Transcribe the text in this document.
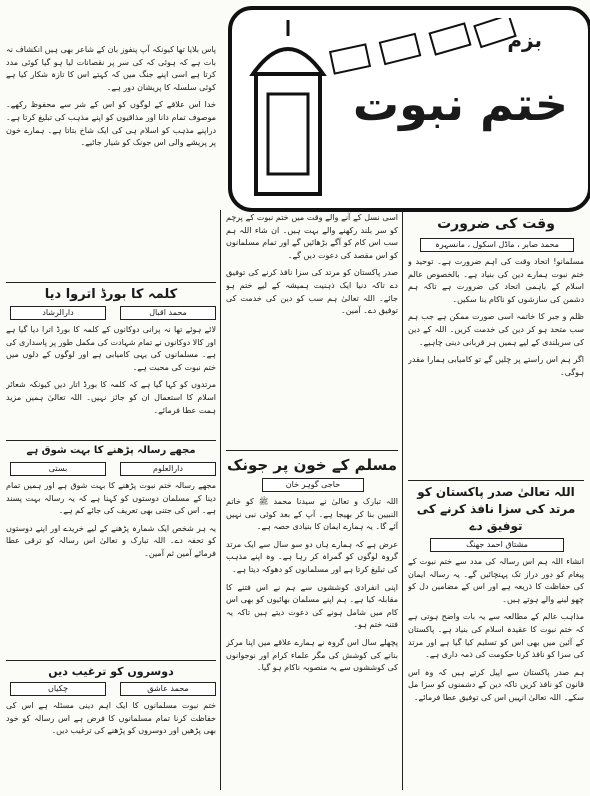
بزم
ختم نبوت

پاس بلایا تھا کیونکہ آپ پنفوز بان کے شاعر بھی ہیں انکشاف نہ بات ہے کہ ہوئی کہ کی سر پر نقصانات لیا ہو گیا کوئی مدد کرتا ہے اسی اپنے جنگ میں کہ کہتے اس کا تازہ شکار کیا ہے کوئی سلسلہ کا پریشان دور ہے۔

خدا اس علاقے کے لوگوں کو اس کے شر سے محفوظ رکھے۔ موصوف تمام دانا اور مذاقیوں کو اپنے مذہب کی تبلیغ کرتا ہے۔ دراپنے مذہب کو اسلام ہی کی ایک شاخ بتاتا ہے۔ ہمارے خون پر پریشے والی اس جونک کو شیار جائیے۔

کلمہ کا بورڈ اتروا دیا
محمد اقبال
دارالرشاد

لائے ہوئے تھا نہ پرانی دوکانوں کے کلمہ کا بورڈ اترا دیا گیا ہے اور کالا دوکانوں نے تمام شہادت کی مکمل طور پر پاسداری کی ہے۔ مسلمانوں کی یہی کامیابی ہے اور لوگوں کے دلوں میں ختم نبوت کی محبت ہے۔

مرتدوں کو کہا گیا ہے کہ کلمہ کا بورڈ اتار دیں کیونکہ شعائر اسلام کا استعمال ان کو جائز نہیں۔ اللہ تعالیٰ ہمیں مزید ہمت عطا فرمائے۔

مجھے رسالہ پڑھنے کا بہت شوق ہے
دارالعلوم
بستی

مجھے رسالہ ختم نبوت پڑھنے کا بہت شوق ہے اور ہمیں تمام دینا کے مسلمان دوستوں کو کہنا ہے کہ یہ رسالہ بہت پسند ہے۔ اس کی جتنی بھی تعریف کی جائے کم ہے۔

یہ ہر شخص ایک شمارہ پڑھنے کے لیے خریدے اور اپنے دوستوں کو تحفہ دے۔ اللہ تبارک و تعالیٰ اس رسالہ کو ترقی عطا فرمائے آمین ثم آمین۔

دوسروں کو ترغیب دیں
محمد عاشق
چکیاں

ختم نبوت مسلمانوں کا ایک اہم دینی مسئلہ ہے اس کی حفاظت کرنا تمام مسلمانوں کا فرض ہے اس رسالہ کو خود بھی پڑھیں اور دوسروں کو پڑھنے کی ترغیب دیں۔

اسی نسل کے آنے والے وقت میں ختم نبوت کے پرچم کو سر بلند رکھنے والے بہت ہیں۔ ان شاء اللہ ہم سب اس کام کو آگے بڑھائیں گے اور تمام مسلمانوں کو اس مقصد کی دعوت دیں گے۔

صدر پاکستان کو مرتد کی سزا نافذ کرنے کی توفیق دے تاکہ دنیا ایک ذہنیت ہمیشہ کے لیے ختم ہو جائے۔ اللہ تعالیٰ ہم سب کو دین کی خدمت کی توفیق دے۔ آمین۔

مسلم کے خون پر جونک
حاجی گوہر خان

اللہ تبارک و تعالیٰ نے سیدنا محمد ﷺ کو خاتم النبیین بنا کر بھیجا ہے۔ آپ کے بعد کوئی نبی نہیں آئے گا۔ یہ ہمارے ایمان کا بنیادی حصہ ہے۔

عرض ہے کہ ہمارے ہاں دو سو سال سے ایک مرتد گروہ لوگوں کو گمراہ کر رہا ہے۔ وہ اپنے مذہب کی تبلیغ کرتا ہے اور مسلمانوں کو دھوکہ دیتا ہے۔

اپنی انفرادی کوششوں سے ہم نے اس فتنے کا مقابلہ کیا ہے۔ ہم اپنے مسلمان بھائیوں کو بھی اس کام میں شامل ہونے کی دعوت دیتے ہیں تاکہ یہ فتنہ ختم ہو۔

پچھلے سال اس گروہ نے ہمارے علاقے میں اپنا مرکز بنانے کی کوشش کی مگر علماء کرام اور نوجوانوں کی کوششوں سے یہ منصوبہ ناکام ہو گیا۔

وقت کی ضرورت
محمد صابر ، ماڈل اسکول ، مانسہرہ

مسلمانو! اتحاد وقت کی اہم ضرورت ہے۔ توحید و ختم نبوت ہمارے دین کی بنیاد ہے۔ بالخصوص عالم اسلام کے باہمی اتحاد کی ضرورت ہے تاکہ ہم دشمن کی سازشوں کو ناکام بنا سکیں۔

ظلم و جبر کا خاتمہ اسی صورت ممکن ہے جب ہم سب متحد ہو کر دین کی خدمت کریں۔ اللہ کے دین کی سربلندی کے لیے ہمیں ہر قربانی دینی چاہیے۔

اگر ہم اس راستے پر چلیں گے تو کامیابی ہمارا مقدر ہوگی۔

اللہ تعالیٰ صدر پاکستان کو مرتد کی سزا نافذ کرنے کی توفیق دے
مشتاق احمد جھنگ

انشاء اللہ ہم اس رسالہ کی مدد سے ختم نبوت کے پیغام کو دور دراز تک پہنچائیں گے۔ یہ رسالہ ایمان کی حفاظت کا ذریعہ ہے اور اس کے مضامین دل کو چھو لینے والے ہوتے ہیں۔

مذاہب عالم کے مطالعہ سے یہ بات واضح ہوتی ہے کہ ختم نبوت کا عقیدہ اسلام کی بنیاد ہے۔ پاکستان کے آئین میں بھی اس کو تسلیم کیا گیا ہے اور مرتد کی سزا کو نافذ کرنا حکومت کی ذمہ داری ہے۔

ہم صدر پاکستان سے اپیل کرتے ہیں کہ وہ اس قانون کو نافذ کریں تاکہ دین کے دشمنوں کو سزا مل سکے۔ اللہ تعالیٰ انہیں اس کی توفیق عطا فرمائے۔
